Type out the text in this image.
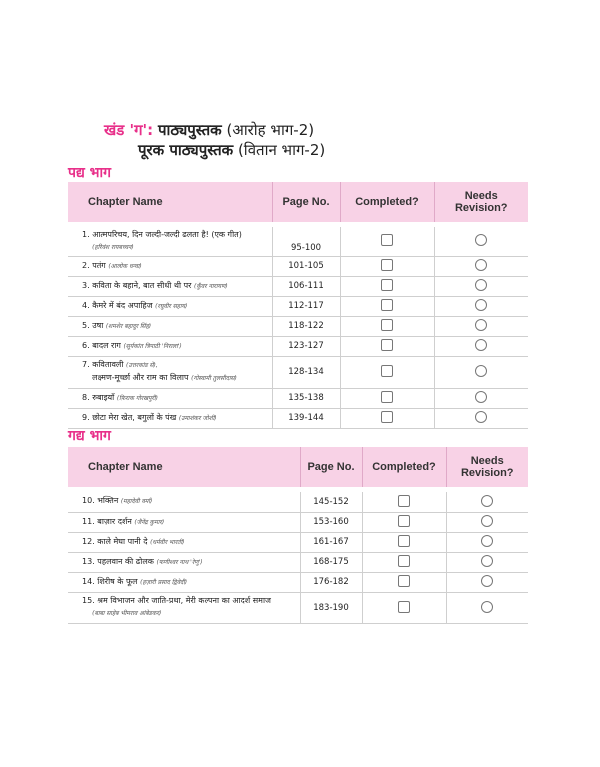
खंड 'ग': पाठ्यपुस्तक (आरोह भाग-2)
पूरक पाठ्यपुस्तक (वितान भाग-2)
पद्य भाग
Chapter Name	Page No.	Completed?	Needs
Revision?

1. आत्मपरिचय, दिन जल्दी-जल्दी ढलता है! (एक गीत)
(हरिवंश रायबच्चन)	95-100		
2. पतंग (आलोक धन्वा)	101-105		
3. कविता के बहाने, बात सीधी थी पर (कुँवर नारायण)	106-111		
4. कैमरे में बंद अपाहिज (रघुवीर सहाय)	112-117		
5. उषा (शमशेर बहादुर सिंह)	118-122		
6. बादल राग (सूर्यकांत त्रिपाठी 'निराला')	123-127		
7. कवितावली (उत्तरकांड से),
लक्ष्मण-मूर्च्छा और राम का विलाप (गोस्वामी तुलसीदास)	128-134		
8. रुबाइयाँ (फ़िराक गोरखपुरी)	135-138		
9. छोटा मेरा खेत, बगुलों के पंख (उमाशंकर जोशी)	139-144		
गद्य भाग
Chapter Name	Page No.	Completed?	Needs
Revision?

10. भक्तिन (महादेवी वर्मा)	145-152		
11. बाज़ार दर्शन (जैनेंद्र कुमार)	153-160		
12. काले मेघा पानी दे (धर्मवीर भारती)	161-167		
13. पहलवान की ढोलक (फणीश्वर नाथ 'रेणु')	168-175		
14. शिरीष के फूल (हज़ारी प्रसाद द्विवेदी)	176-182		
15. श्रम विभाजन और जाति-प्रथा, मेरी कल्पना का आदर्श समाज
(बाबा साहेब भीमराव आंबेडकर)	183-190		
